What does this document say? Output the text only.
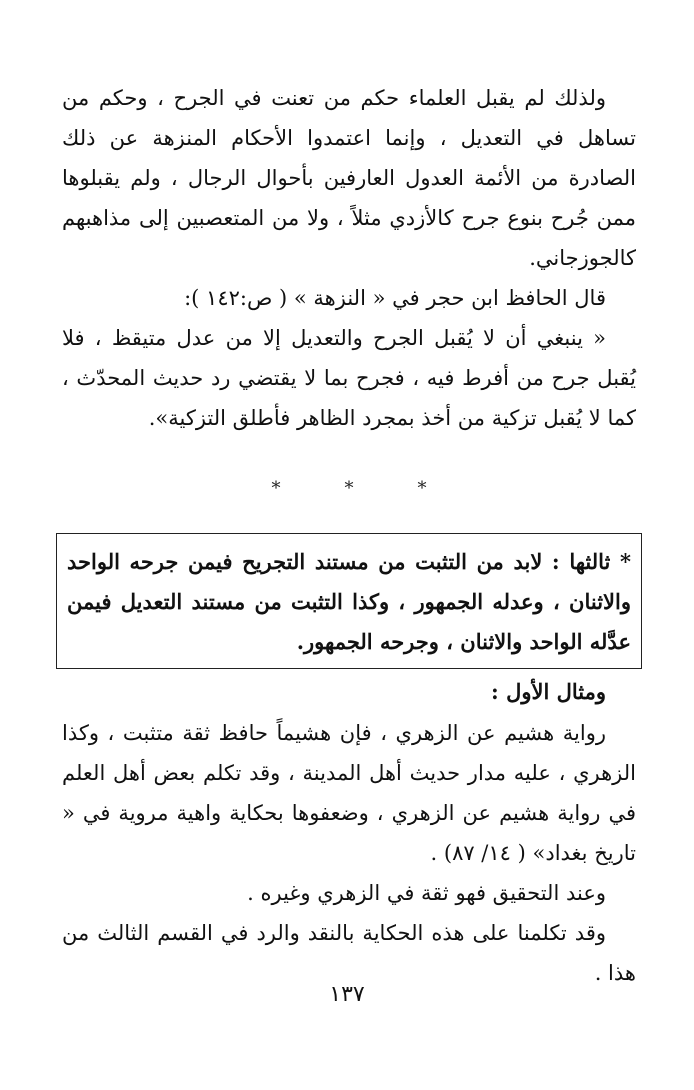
ولذلك لم يقبل العلماء حكم من تعنت في الجرح ، وحكم من تساهل في التعديل ، وإنما اعتمدوا الأحكام المنزهة عن ذلك الصادرة من الأئمة العدول العارفين بأحوال الرجال ، ولم يقبلوها ممن جُرح بنوع جرح كالأزدي مثلاً ، ولا من المتعصبين إلى مذاهبهم كالجوزجاني.

قال الحافظ ابن حجر في « النزهة » ( ص:١٤٢ ):

« ينبغي أن لا يُقبل الجرح والتعديل إلا من عدل متيقظ ، فلا يُقبل جرح من أفرط فيه ، فجرح بما لا يقتضي رد حديث المحدّث ، كما لا يُقبل تزكية من أخذ بمجرد الظاهر فأطلق التزكية».

*	*	*

* ثالثها : لابد من التثبت من مستند التجريح فيمن جرحه الواحد والاثنان ، وعدله الجمهور ، وكذا التثبت من مستند التعديل فيمن عدَّله الواحد والاثنان ، وجرحه الجمهور.

ومثال الأول :

رواية هشيم عن الزهري ، فإن هشيماً حافظ ثقة متثبت ، وكذا الزهري ، عليه مدار حديث أهل المدينة ، وقد تكلم بعض أهل العلم في رواية هشيم عن الزهري ، وضعفوها بحكاية واهية مروية في « تاريخ بغداد» ( ١٤/ ٨٧) .

وعند التحقيق فهو ثقة في الزهري وغيره .

وقد تكلمنا على هذه الحكاية بالنقد والرد في القسم الثالث من هذا .

١٣٧
